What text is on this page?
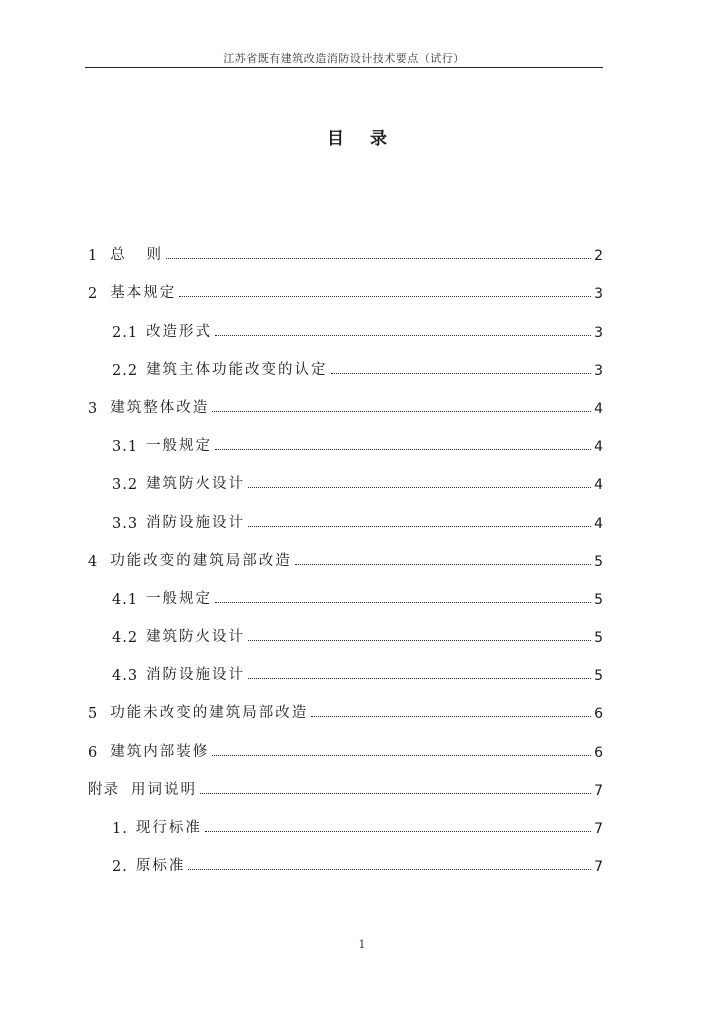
江苏省既有建筑改造消防设计技术要点（试行）
目 录
1 总   则	2
2 基本规定	3
2.1 改造形式	3
2.2 建筑主体功能改变的认定	3
3 建筑整体改造	4
3.1 一般规定	4
3.2 建筑防火设计	4
3.3 消防设施设计	4
4 功能改变的建筑局部改造	5
4.1 一般规定	5
4.2 建筑防火设计	5
4.3 消防设施设计	5
5 功能未改变的建筑局部改造	6
6 建筑内部装修	6
附录 用词说明	7
1. 现行标准	7
2. 原标准	7
1
